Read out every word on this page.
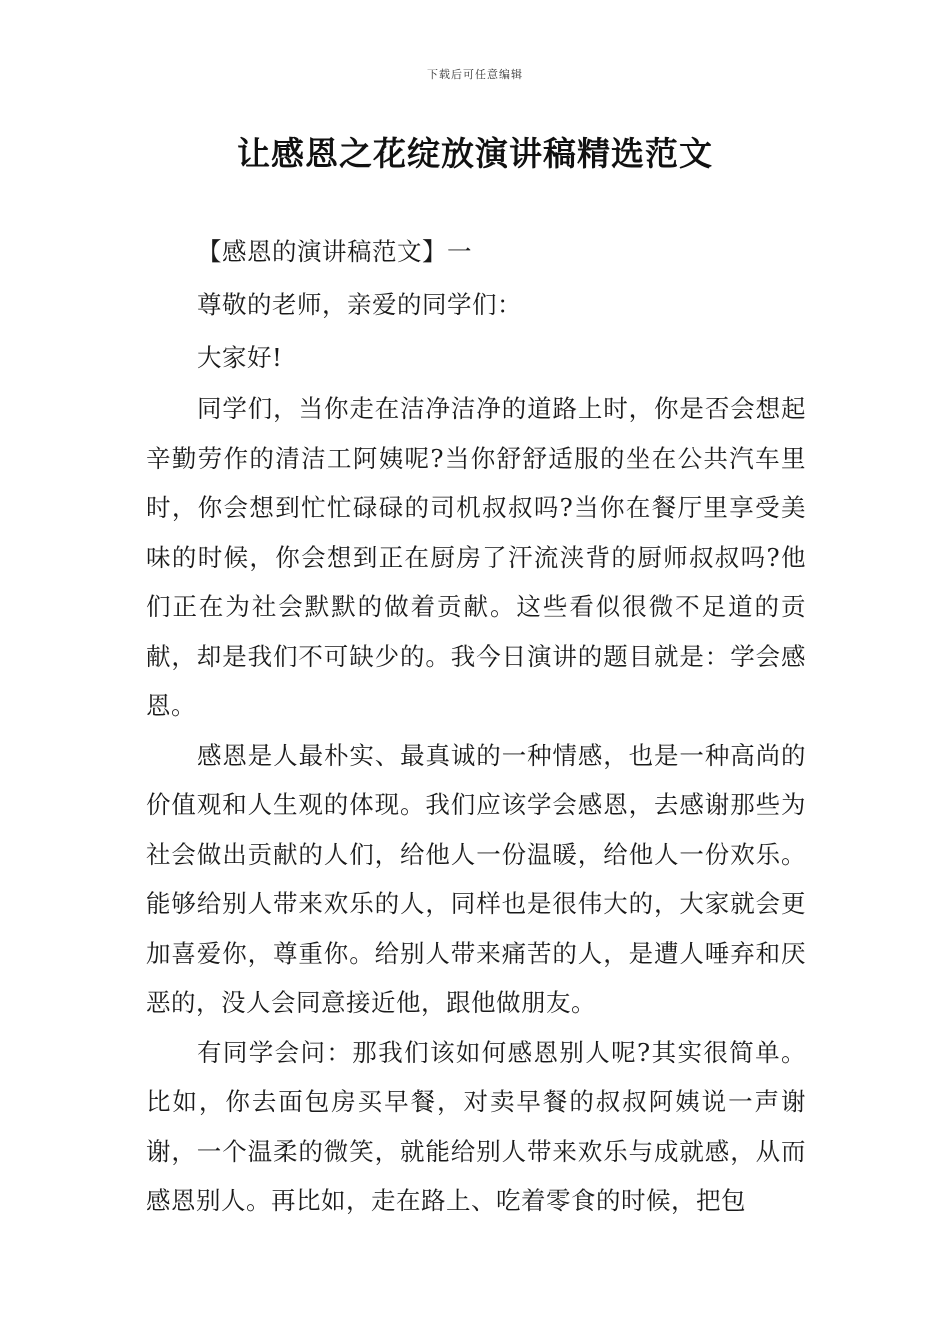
下载后可任意编辑
让感恩之花绽放演讲稿精选范文

【感恩的演讲稿范文】一

尊敬的老师，亲爱的同学们：

大家好!

同学们，当你走在洁净洁净的道路上时，你是否会想起辛勤劳作的清洁工阿姨呢?当你舒舒适服的坐在公共汽车里时，你会想到忙忙碌碌的司机叔叔吗?当你在餐厅里享受美味的时候，你会想到正在厨房了汗流浃背的厨师叔叔吗?他们正在为社会默默的做着贡献。这些看似很微不足道的贡献，却是我们不可缺少的。我今日演讲的题目就是：学会感恩。

感恩是人最朴实、最真诚的一种情感，也是一种高尚的价值观和人生观的体现。我们应该学会感恩，去感谢那些为社会做出贡献的人们，给他人一份温暖，给他人一份欢乐。能够给别人带来欢乐的人，同样也是很伟大的，大家就会更加喜爱你，尊重你。给别人带来痛苦的人，是遭人唾弃和厌恶的，没人会同意接近他，跟他做朋友。

有同学会问：那我们该如何感恩别人呢?其实很简单。比如，你去面包房买早餐，对卖早餐的叔叔阿姨说一声谢谢，一个温柔的微笑，就能给别人带来欢乐与成就感，从而感恩别人。再比如，走在路上、吃着零食的时候，把包
